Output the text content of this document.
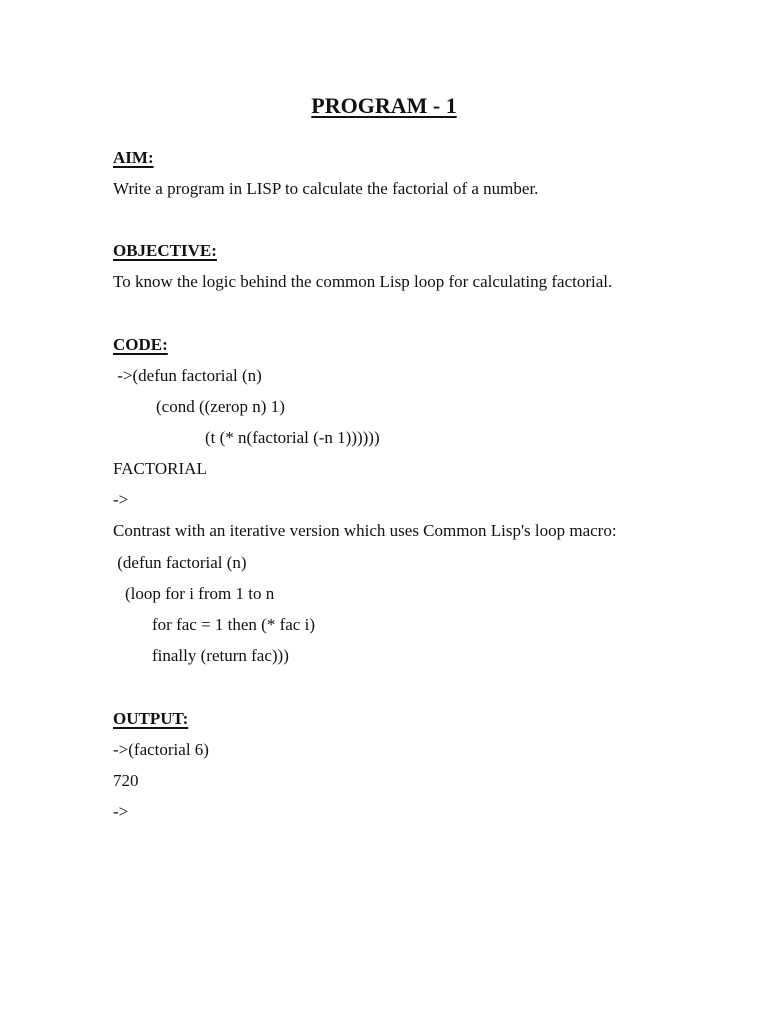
PROGRAM - 1
AIM:
Write a program in LISP to calculate the factorial of a number.
OBJECTIVE:
To know the logic behind the common Lisp loop for calculating factorial.
CODE:
->(defun factorial (n)
(cond ((zerop n) 1)
(t (* n(factorial (-n 1))))))
FACTORIAL
->
Contrast with an iterative version which uses Common Lisp's loop macro:
(defun factorial (n)
(loop for i from 1 to n
for fac = 1 then (* fac i)
finally (return fac)))
OUTPUT:
->(factorial 6)
720
->
